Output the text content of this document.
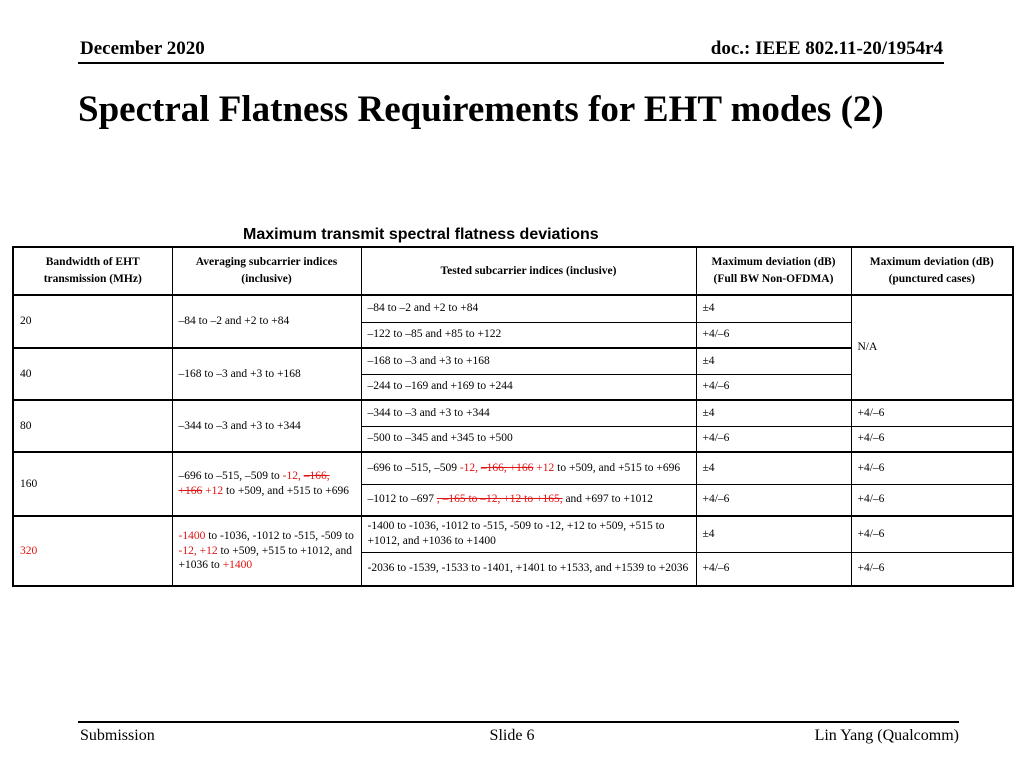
December 2020	doc.: IEEE 802.11-20/1954r4
Spectral Flatness Requirements for EHT modes (2)
Maximum transmit spectral flatness deviations
Bandwidth of EHT transmission (MHz)	Averaging subcarrier indices (inclusive)	Tested subcarrier indices (inclusive)	Maximum deviation (dB) (Full BW Non-OFDMA)	Maximum deviation (dB) (punctured cases)
20	–84 to –2 and +2 to +84	–84 to –2 and +2 to +84	±4	N/A
		–122 to –85 and +85 to +122	+4/–6	
40	–168 to –3 and +3 to +168	–168 to –3 and +3 to +168	±4	
		–244 to –169 and +169 to +244	+4/–6	
80	–344 to –3 and +3 to +344	–344 to –3 and +3 to +344	±4	+4/–6
		–500 to –345 and +345 to +500	+4/–6	+4/–6
160	–696 to –515, –509 to -12, –166, +166 +12 to +509, and +515 to +696	–696 to –515, –509 -12, –166, +166 +12 to +509, and +515 to +696	±4	+4/–6
		–1012 to –697 , –165 to –12, +12 to +165, and +697 to +1012	+4/–6	+4/–6
320	-1400 to -1036, -1012 to -515, -509 to -12, +12 to +509, +515 to +1012, and +1036 to +1400	-1400 to -1036, -1012 to -515, -509 to -12, +12 to +509, +515 to +1012, and +1036 to +1400	±4	+4/–6
		-2036 to -1539, -1533 to -1401, +1401 to +1533, and +1539 to +2036	+4/–6	+4/–6
Submission	Slide 6	Lin Yang (Qualcomm)
